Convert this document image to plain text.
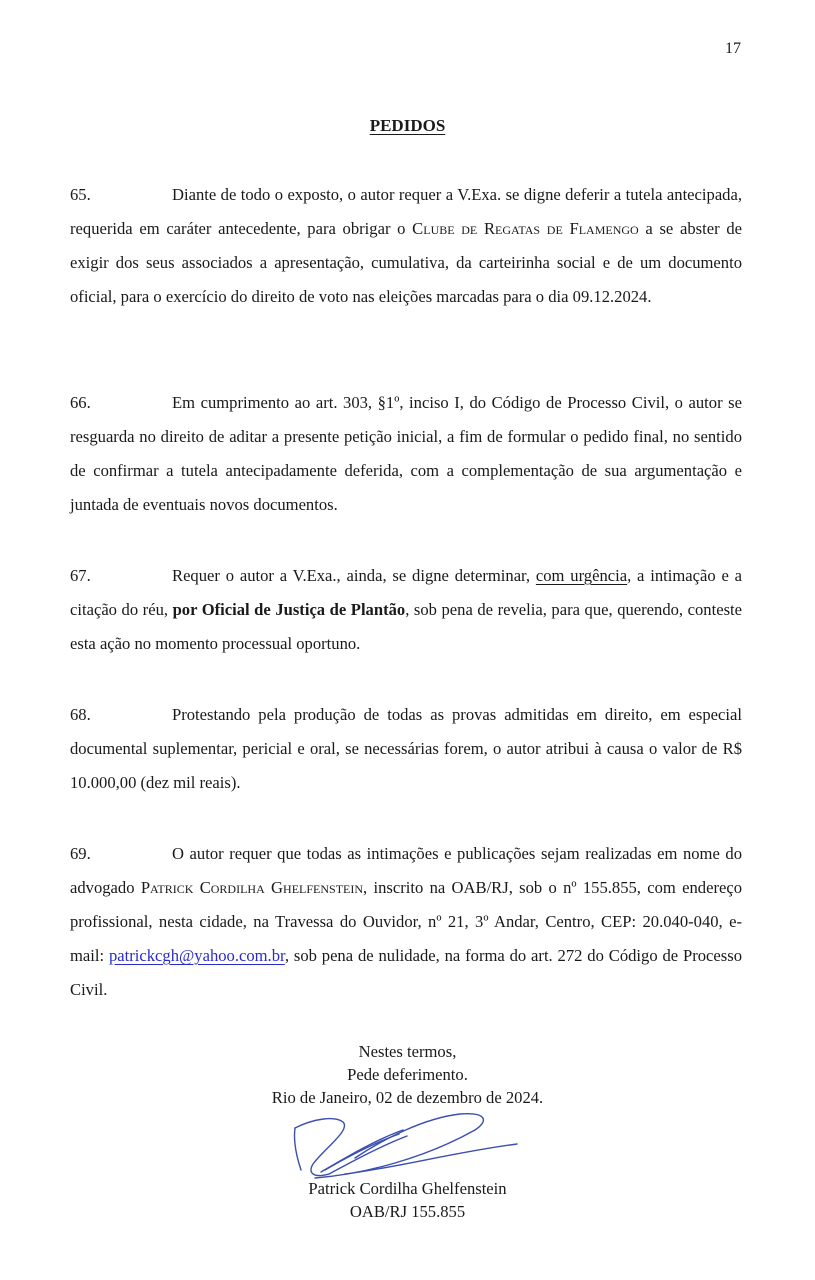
17
PEDIDOS

65.	Diante de todo o exposto, o autor requer a V.Exa. se digne deferir a tutela antecipada, requerida em caráter antecedente, para obrigar o Clube de Regatas de Flamengo a se abster de exigir dos seus associados a apresentação, cumulativa, da carteirinha social e de um documento oficial, para o exercício do direito de voto nas eleições marcadas para o dia 09.12.2024.

66.	Em cumprimento ao art. 303, §1º, inciso I, do Código de Processo Civil, o autor se resguarda no direito de aditar a presente petição inicial, a fim de formular o pedido final, no sentido de confirmar a tutela antecipadamente deferida, com a complementação de sua argumentação e juntada de eventuais novos documentos.

67.	Requer o autor a V.Exa., ainda, se digne determinar, com urgência, a intimação e a citação do réu, por Oficial de Justiça de Plantão, sob pena de revelia, para que, querendo, conteste esta ação no momento processual oportuno.

68.	Protestando pela produção de todas as provas admitidas em direito, em especial documental suplementar, pericial e oral, se necessárias forem, o autor atribui à causa o valor de R$ 10.000,00 (dez mil reais).

69.	O autor requer que todas as intimações e publicações sejam realizadas em nome do advogado Patrick Cordilha Ghelfenstein, inscrito na OAB/RJ, sob o nº 155.855, com endereço profissional, nesta cidade, na Travessa do Ouvidor, nº 21, 3º Andar, Centro, CEP: 20.040-040, e-mail: patrickcgh@yahoo.com.br, sob pena de nulidade, na forma do art. 272 do Código de Processo Civil.

Nestes termos,
Pede deferimento.
Rio de Janeiro, 02 de dezembro de 2024.
Patrick Cordilha Ghelfenstein
OAB/RJ 155.855
